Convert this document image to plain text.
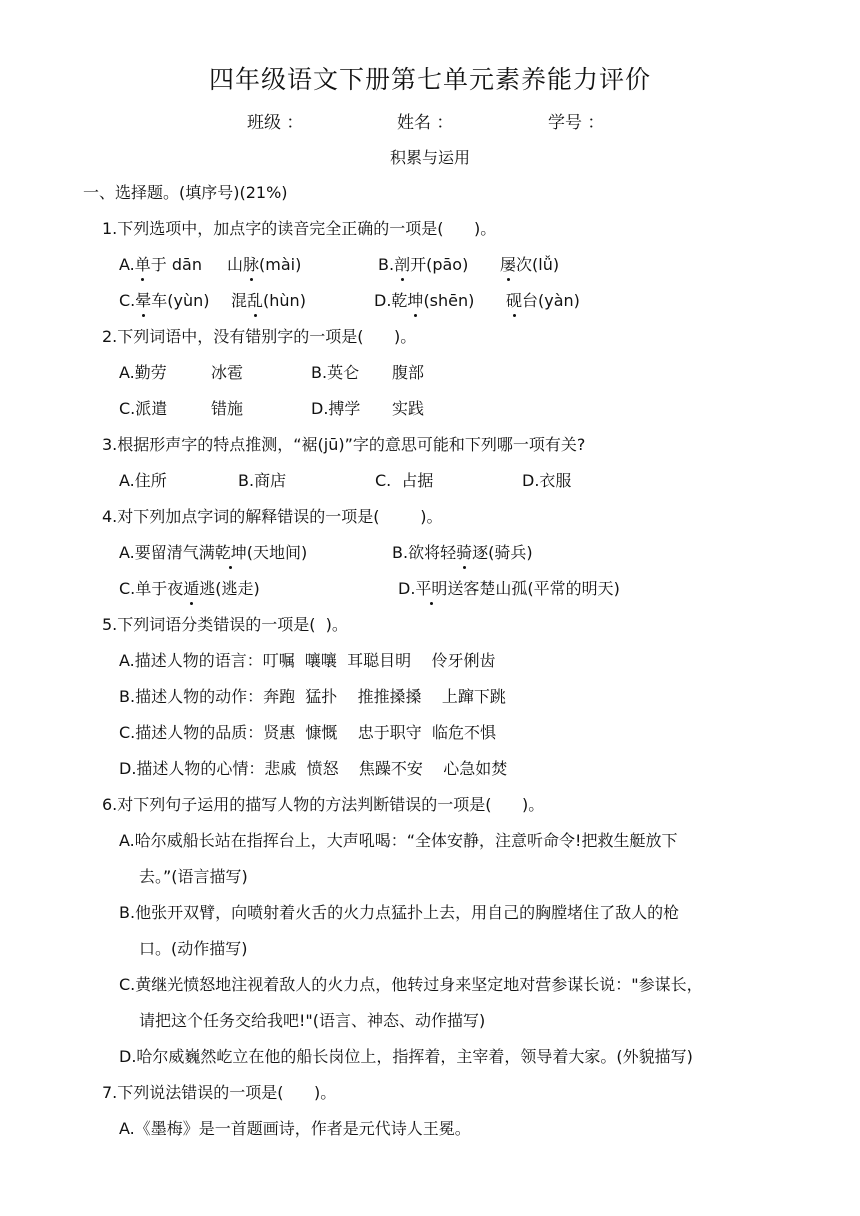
四年级语文下册第七单元素养能力评价
班级 ：	姓名 ：	学号 ：
积累与运用
一、选择题。(填序号)(21%)
1.下列选项中，加点字的读音完全正确的一项是(      )。
A.单于 dān 山脉(mài)	B.剖开(pāo) 屡次(lǚ)
C.晕车(yùn) 混乱(hùn)	D.乾坤(shēn) 砚台(yàn)
2.下列词语中，没有错别字的一项是(      )。
A.勤劳	冰雹	B.英仑 腹部
C.派遣	错施	D.搏学 实践
3.根据形声字的特点推测，“裾(jū)”字的意思可能和下列哪一项有关?
A.住所	B.商店	C.  占据	D.衣服
4.对下列加点字词的解释错误的一项是(        )。
A.要留清气满乾坤(天地间)	B.欲将轻骑逐(骑兵)
C.单于夜遁逃(逃走)	D.平明送客楚山孤(平常的明天)
5.下列词语分类错误的一项是(  )。
A.描述人物的语言：叮嘱  嚷嚷  耳聪目明    伶牙俐齿
B.描述人物的动作：奔跑  猛扑    推推搡搡    上蹿下跳
C.描述人物的品质：贤惠  慷慨    忠于职守  临危不惧
D.描述人物的心情：悲戚  愤怒    焦躁不安    心急如焚
6.对下列句子运用的描写人物的方法判断错误的一项是(      )。
A.哈尔威船长站在指挥台上，大声吼喝：“全体安静，注意听命令!把救生艇放下
去。”(语言描写)
B.他张开双臂，向喷射着火舌的火力点猛扑上去，用自己的胸膛堵住了敌人的枪
口。(动作描写)
C.黄继光愤怒地注视着敌人的火力点，他转过身来坚定地对营参谋长说："参谋长，
请把这个任务交给我吧!"(语言、神态、动作描写)
D.哈尔威巍然屹立在他的船长岗位上，指挥着，主宰着，领导着大家。(外貌描写)
7.下列说法错误的一项是(      )。
A.《墨梅》是一首题画诗，作者是元代诗人王冕。
